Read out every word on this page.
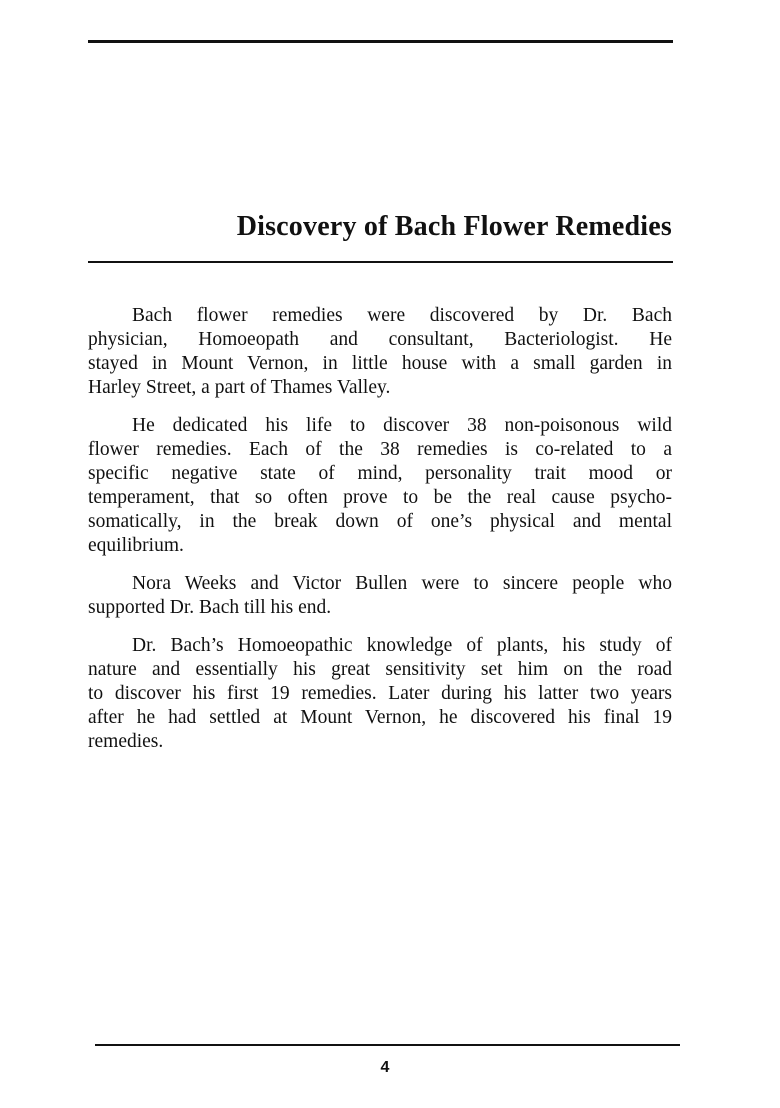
Discovery of Bach Flower Remedies
Bach flower remedies were discovered by Dr. Bach
physician, Homoeopath and consultant, Bacteriologist. He
stayed in Mount Vernon, in little house with a small garden in
Harley Street, a part of Thames Valley.
He dedicated his life to discover 38 non-poisonous wild
flower remedies. Each of the 38 remedies is co-related to a
specific negative state of mind, personality trait mood or
temperament, that so often prove to be the real cause psycho-
somatically, in the break down of one’s physical and mental
equilibrium.
Nora Weeks and Victor Bullen were to sincere people who
supported Dr. Bach till his end.
Dr. Bach’s Homoeopathic knowledge of plants, his study of
nature and essentially his great sensitivity set him on the road
to discover his first 19 remedies. Later during his latter two years
after he had settled at Mount Vernon, he discovered his final 19
remedies.
4
